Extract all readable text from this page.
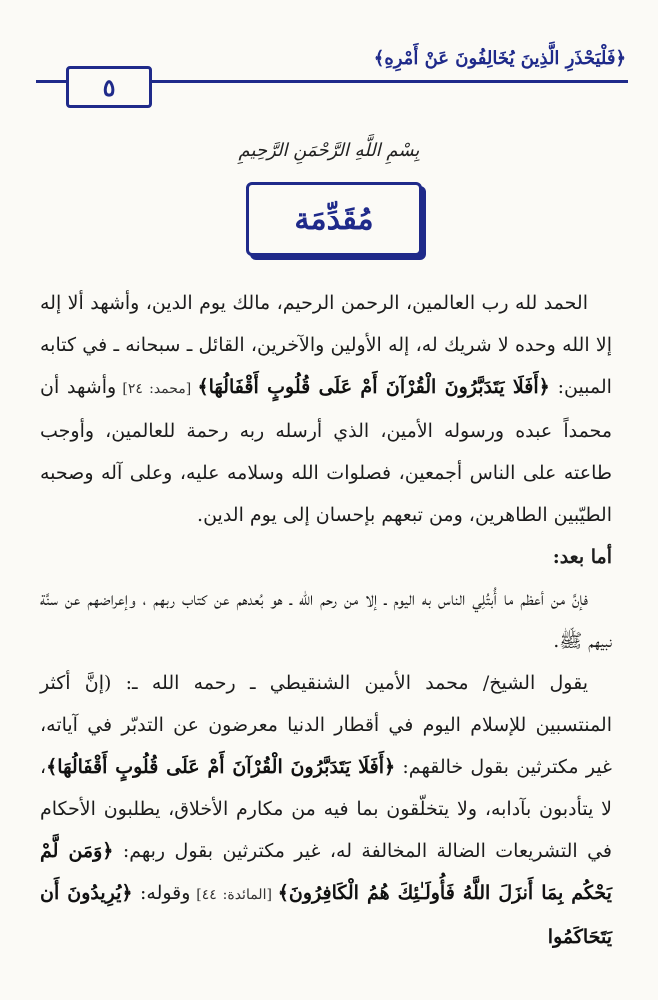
﴿فَلْيَحْذَرِ الَّذِينَ يُخَالِفُونَ عَنْ أَمْرِهِ﴾
٥
بِسْمِ اللَّهِ الرَّحْمَنِ الرَّحِيمِ
مُقَدِّمَة

الحمد لله رب العالمين، الرحمن الرحيم، مالك يوم الدين، وأشهد ألا إله إلا الله وحده لا شريك له، إله الأولين والآخرين، القائل ـ سبحانه ـ في كتابه المبين: ﴿أَفَلَا يَتَدَبَّرُونَ الْقُرْآنَ أَمْ عَلَى قُلُوبٍ أَقْفَالُهَا﴾ [محمد: ٢٤] وأشهد أن محمداً عبده ورسوله الأمين، الذي أرسله ربه رحمة للعالمين، وأوجب طاعته على الناس أجمعين، فصلوات الله وسلامه عليه، وعلى آله وصحبه الطيّبين الطاهرين، ومن تبعهم بإحسان إلى يوم الدين.

أما بعد:

فإنَّ من أعظم ما أُبتُلِي الناس به اليوم ـ إلا من رحم الله ـ هو بُعدهم عن كتاب ربهم ، وإعراضهم عن سنَّة نبيهم ﷺ.

يقول الشيخ/ محمد الأمين الشنقيطي ـ رحمه الله ـ: (إنَّ أكثر المنتسبين للإسلام اليوم في أقطار الدنيا معرضون عن التدبّر في آياته، غير مكترثين بقول خالقهم: ﴿أَفَلَا يَتَدَبَّرُونَ الْقُرْآنَ أَمْ عَلَى قُلُوبٍ أَقْفَالُهَا﴾، لا يتأدبون بآدابه، ولا يتخلّقون بما فيه من مكارم الأخلاق، يطلبون الأحكام في التشريعات الضالة المخالفة له، غير مكترثين بقول ربهم: ﴿وَمَن لَّمْ يَحْكُم بِمَا أَنزَلَ اللَّهُ فَأُولَـٰئِكَ هُمُ الْكَافِرُونَ﴾ [المائدة: ٤٤] وقوله: ﴿يُرِيدُونَ أَن يَتَحَاكَمُوا
